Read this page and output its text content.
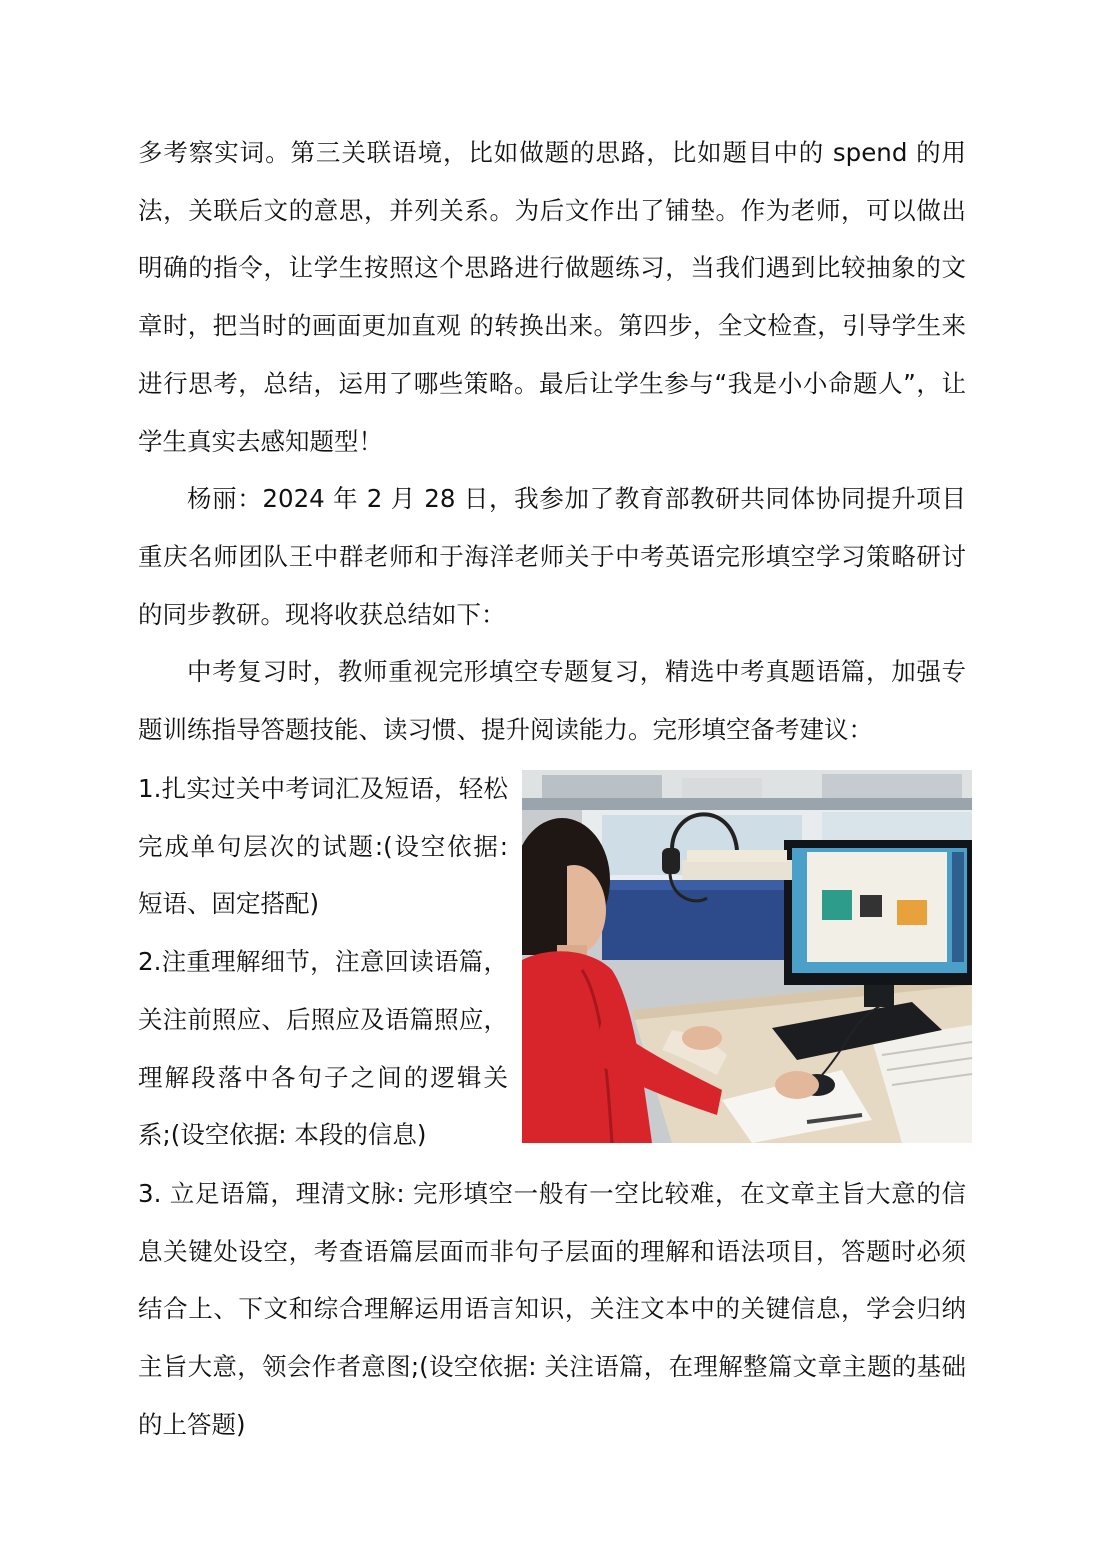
多考察实词。第三关联语境，比如做题的思路，比如题目中的 spend 的用法，关联后文的意思，并列关系。为后文作出了铺垫。作为老师，可以做出明确的指令，让学生按照这个思路进行做题练习，当我们遇到比较抽象的文章时，把当时的画面更加直观 的转换出来。第四步，全文检查，引导学生来进行思考，总结，运用了哪些策略。最后让学生参与“我是小小命题人”，让学生真实去感知题型！

杨丽：2024 年 2 月 28 日，我参加了教育部教研共同体协同提升项目重庆名师团队王中群老师和于海洋老师关于中考英语完形填空学习策略研讨的同步教研。现将收获总结如下：

中考复习时，教师重视完形填空专题复习，精选中考真题语篇，加强专题训练指导答题技能、读习惯、提升阅读能力。完形填空备考建议：

1.扎实过关中考词汇及短语，轻松完成单句层次的试题:(设空依据: 短语、固定搭配)

2.注重理解细节，注意回读语篇，关注前照应、后照应及语篇照应，理解段落中各句子之间的逻辑关系;(设空依据: 本段的信息)

3. 立足语篇，理清文脉: 完形填空一般有一空比较难，在文章主旨大意的信息关键处设空，考查语篇层面而非句子层面的理解和语法项目，答题时必须结合上、下文和综合理解运用语言知识，关注文本中的关键信息，学会归纳主旨大意，领会作者意图;(设空依据: 关注语篇，在理解整篇文章主题的基础的上答题)
